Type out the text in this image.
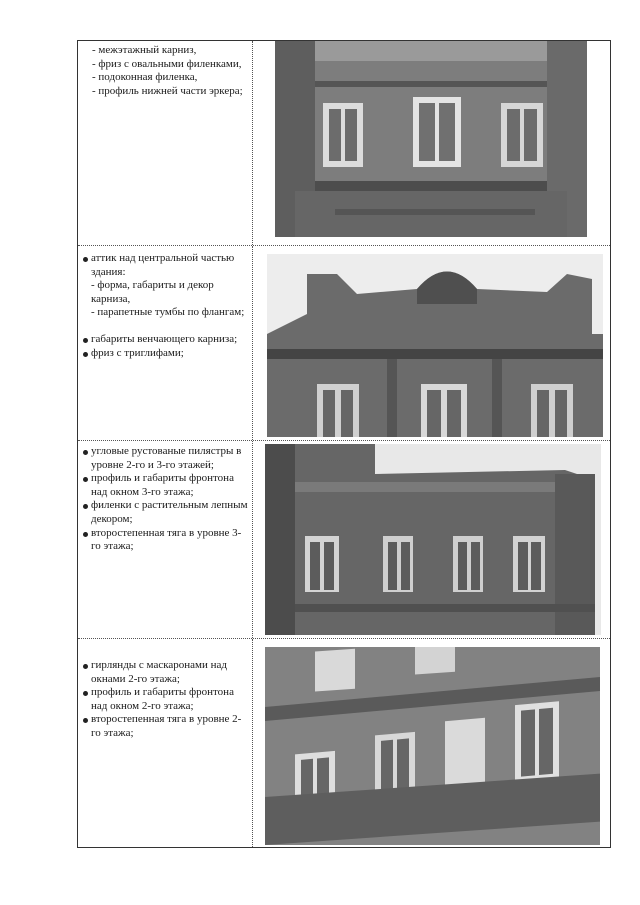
- межэтажный карниз,

- фриз с овальными филенками,

- подоконная филенка,

- профиль нижней части эркера;

аттик над центральной частью здания:

- форма, габариты и декор карниза,

- парапетные тумбы по флангам;

габариты венчающего карниза;

фриз с триглифами;

угловые рустованые пилястры в уровне 2-го и 3-го этажей;

профиль и габариты фронтона над окном 3-го этажа;

филенки с растительным лепным декором;

второстепенная тяга в уровне 3-го этажа;

гирлянды с маскаронами над окнами 2-го этажа;

профиль и габариты фронтона над окном 2-го этажа;

второстепенная тяга в уровне 2-го этажа;
